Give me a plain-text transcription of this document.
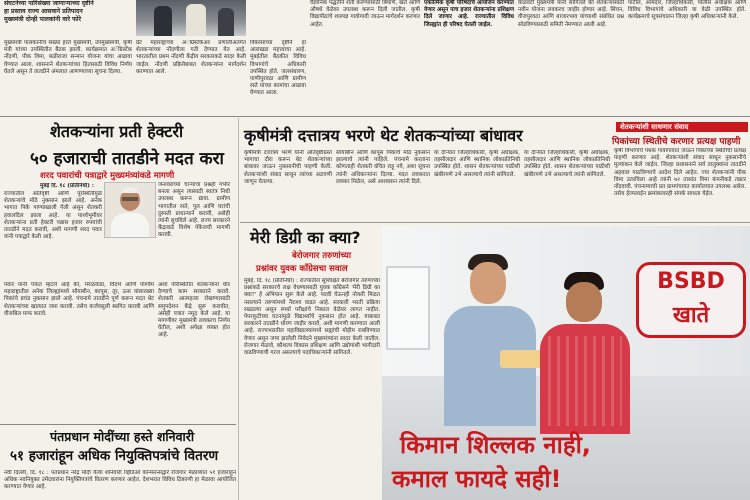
संघटनेच्या पारिसंख्या जाणाऱ्याच्या दृष्टीने
हा प्रस्ताव राज्य आसवाने प्रतिपादन
मुख्यमंत्री दोन्ही पालकांनी वारे फोरे
मुख्यमंत्री पालकांनीच संख्या हरते मुख्यमंत्री, उपमुख्यमंत्री, कृषी मंत्री यांच्या उपस्थितीत बैठक झाली. कार्यक्रमात अॅग्रिस्टॅक नोंदणी, पीक विमा, बळीराजा सन्मान योजना यांचा आढावा घेण्यात आला. शासनाने शेतकऱ्यांच्या हितासाठी विविध निर्णय घेतले असून ते तातडीने अंमलात आणण्याच्या सूचना दिल्या.
ग्रेट महाराष्ट्राच्या अॅग्रिस्टॅकेअर प्रणालीअंतर्गत शेतकऱ्यांच्या नोंदणीला गती देण्यात येत आहे. भारतातील प्रथम नोंदणी केंद्रीय सरकारकडे सादर केली जाईल. नोंदणी प्रक्रियेबाबत शेतकऱ्यांना मार्गदर्शन करण्यात आले.
विकासाच्या दृष्टीने हा आराखडा महत्त्वाचा आहे. मुंबईतील बैठकीत विविध विभागांचे अधिकारी उपस्थित होते. जलसंधारण, पाणीपुरवठा आणि ग्रामीण रस्ते यांच्या कामांचा आढावा घेण्यात आला.
वैज्ञानिक पद्धतीने शेती करण्यासाठी बियाणे, खते आणि औषधे वेळेवर उपलब्ध करून दिली जातील. कृषी विद्यापीठांचे शास्त्रज्ञ गावोगावी जाऊन मार्गदर्शन करणार आहेत.
एकात्मिक कृषी परिषदांचे आयोजन करण्यात येणार असून पाच हजार शेतकऱ्यांना प्रशिक्षण दिले जाणार आहे. राज्यातील विविध जिल्ह्यांत ही परिषद घेतली जाईल.
वाळवंटी मुख्यमंत्री यांनी सांगितले की शेतकऱ्यांसाठी नवीन योजना लवकरच जाहीर होणार आहे. सिंचन, वीजपुरवठा आणि बाजारभाव यांच्याशी संबंधित प्रश्न सोडविण्यासाठी समिती नेमण्यात आली आहे.
पाटील, आमदार, जिल्हाधिकारी, पोलीस अधीक्षक आणि विविध विभागांचे अधिकारी या वेळी उपस्थित होते. कार्यक्रमाचे सूत्रसंचालन जिल्हा कृषी अधिकाऱ्यांनी केले.
शेतकऱ्यांना प्रती हेक्टरी
५० हजाराची तातडीने मदत करा
शरद पवारांची पत्राद्वारे मुख्यमंत्र्यांकडे मागणी
मुंबई दि. १८ (प्रतिनिधी) :
राज्यातील अतिवृष्टी आणि पूरस्थितीमुळे शेतकऱ्यांचे मोठे नुकसान झाले आहे. अनेक भागात पिके पाण्याखाली गेली असून शेतकरी हवालदिल झाला आहे. या पार्श्वभूमीवर शेतकऱ्यांना प्रती हेक्टरी पन्नास हजार रुपयांची तातडीने मदत करावी, अशी मागणी शरद पवार यांनी पत्राद्वारे केली आहे.
पवार यांनी पत्रात म्हटले आहे की, मराठवाडा, विदर्भ आणि पश्चिम महाराष्ट्रातील अनेक जिल्ह्यांमध्ये सोयाबीन, कापूस, तूर, ऊस यांसारख्या पिकांचे प्रचंड नुकसान झाले आहे. पंचनामे तातडीने पूर्ण करून मदत थेट शेतकऱ्यांच्या खात्यात जमा करावी. तसेच कर्जवसुली स्थगित करावी आणि वीजबिल माफ करावे.
जनावरांच्या चाऱ्याचा प्रश्नही गंभीर बनला असून त्यासाठी स्वतंत्र निधी उपलब्ध करून द्यावा. ग्रामीण भागातील रस्ते, पूल आणि घरांची दुरुस्ती प्राधान्याने करावी, असेही त्यांनी सुचविले आहे. राज्य सरकारने केंद्राकडे विशेष पॅकेजची मागणी करावी.
अशा परिस्थितीत शेतकऱ्यांना धीर देण्याचे काम सरकारने करावे. शेतकरी आत्महत्या रोखण्यासाठी समुपदेशन केंद्रे सुरू करावीत, असेही पत्रात नमूद केले आहे. या मागणीवर मुख्यमंत्री लवकरच निर्णय घेतील, अशी अपेक्षा व्यक्त होत आहे.
पंतप्रधान मोदींच्या हस्ते शनिवारी
५१ हजारांहून अधिक नियुक्तिपत्रांचे वितरण
नवी दिल्ली, दि. १८ : पंतप्रधान नरेंद्र मोदी येत्या शनिवारी व्हिडिओ कॉन्फरन्सद्वारे रोजगार मेळाव्यात ५१ हजारांहून अधिक नवनियुक्त उमेदवारांना नियुक्तिपत्रांचे वितरण करणार आहेत. देशभरात विविध ठिकाणी हा मेळावा आयोजित करण्यात येणार आहे.
कृषीमंत्री दत्तात्रय भरणे थेट शेतकऱ्यांच्या बांधावर
कृषीमंत्री दत्तात्रय भरणे यांनी अतिवृष्टीग्रस्त भागाचा दौरा करून थेट शेतकऱ्यांच्या बांधावर जाऊन नुकसानीची पाहणी केली. शेतकऱ्यांशी संवाद साधून त्यांच्या अडचणी जाणून घेतल्या.
सोयाबीन आणि कापूस पिकांचे मोठे नुकसान झाल्याचे त्यांनी पाहिले. पंचनामे करताना कोणताही शेतकरी वंचित राहू नये, अशा सूचना त्यांनी अधिकाऱ्यांना दिल्या. मदत लवकरात लवकर मिळेल, असे आश्वासन त्यांनी दिले.
या दौऱ्यात जिल्हाधिकारी, कृषी अधीक्षक, तहसीलदार आणि स्थानिक लोकप्रतिनिधी उपस्थित होते. शासन शेतकऱ्यांच्या पाठीशी खंबीरपणे उभे असल्याचे त्यांनी सांगितले.
या दौऱ्यात जिल्हाधिकारी, कृषी अधीक्षक, तहसीलदार आणि स्थानिक लोकप्रतिनिधी उपस्थित होते. शासन शेतकऱ्यांच्या पाठीशी खंबीरपणे उभे असल्याचे त्यांनी सांगितले.
शेतकऱ्यांशी साधणार संवाद
पिकांच्या स्थितीचे करणार प्रत्यक्ष पाहणी
कृषी विभागाचे पथक गावागावांत जाऊन पिकांच्या स्थितीची प्रत्यक्ष पाहणी करणार आहे. शेतकऱ्यांशी संवाद साधून नुकसानीचे मूल्यांकन केले जाईल. जिल्हा प्रशासनाने सर्व तालुक्यांना तातडीने अहवाल पाठविण्याचे आदेश दिले आहेत. ज्या शेतकऱ्यांनी पीक विमा उतरविला आहे त्यांनी ७२ तासांत विमा कंपनीकडे तक्रार नोंदवावी. पंचनाम्याची प्रत ग्रामपंचायत कार्यालयात उपलब्ध असेल. तसेच हेल्पलाईन क्रमांकावरही संपर्क साधता येईल.
मेरी डिग्री का क्या?
बेरोजगार तरुणांच्या
प्रश्नांवर युवक काँग्रेसचा सवाल
मुंबई, दि. १८ (प्रतिनिधी) : राज्यातील सुशिक्षित बेरोजगार तरुणांच्या प्रश्नांकडे सरकारचे लक्ष वेधण्यासाठी युवक काँग्रेसने 'मेरी डिग्री का क्या?' हे अभियान सुरू केले आहे. पदवी घेऊनही नोकरी मिळत नसल्याने तरुणांमध्ये नैराश्य वाढत आहे. सरकारी भरती प्रक्रिया रखडल्या असून स्पर्धा परीक्षांचे निकाल वेळेवर लागत नाहीत. पेपरफुटीच्या घटनांमुळे विद्यार्थ्यांचे नुकसान होत आहे. याबाबत सरकारने तातडीने धोरण जाहीर करावे, अशी मागणी करण्यात आली आहे. राज्यभरातील महाविद्यालयांमध्ये सह्यांची मोहीम राबविण्यात येणार असून जमा झालेली निवेदने मुख्यमंत्र्यांना सादर केली जातील. रोजगार मेळावे, कौशल्य विकास प्रशिक्षण आणि उद्योगांशी भागीदारी वाढविण्याची गरज असल्याचे पदाधिकाऱ्यांनी सांगितले.
BSBD
खाते
किमान शिल्लक नाही,
कमाल फायदे सही!
